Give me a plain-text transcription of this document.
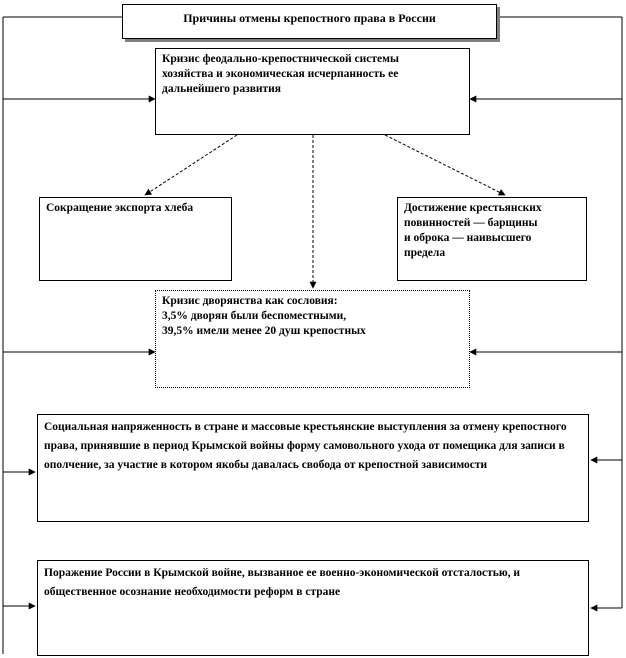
Причины отмены крепостного права в России
Кризис феодально-крепостнической системы
хозяйства и экономическая исчерпанность ее
дальнейшего развития
Сокращение экспорта хлеба	Достижение крестьянских
повинностей — барщины
и оброка — наивысшего
предела
Кризис дворянства как сословия:
3,5% дворян были беспоместными,
39,5% имели менее 20 душ крепостных
Социальная напряженность в стране и массовые крестьянские выступления за отмену крепостного права, принявшие в период Крымской войны форму самовольного ухода от помещика для записи в ополчение, за участие в котором якобы давалась свобода от крепостной зависимости
Поражение России в Крымской войне, вызванное ее военно-экономической отсталостью, и общественное осознание необходимости реформ в стране
